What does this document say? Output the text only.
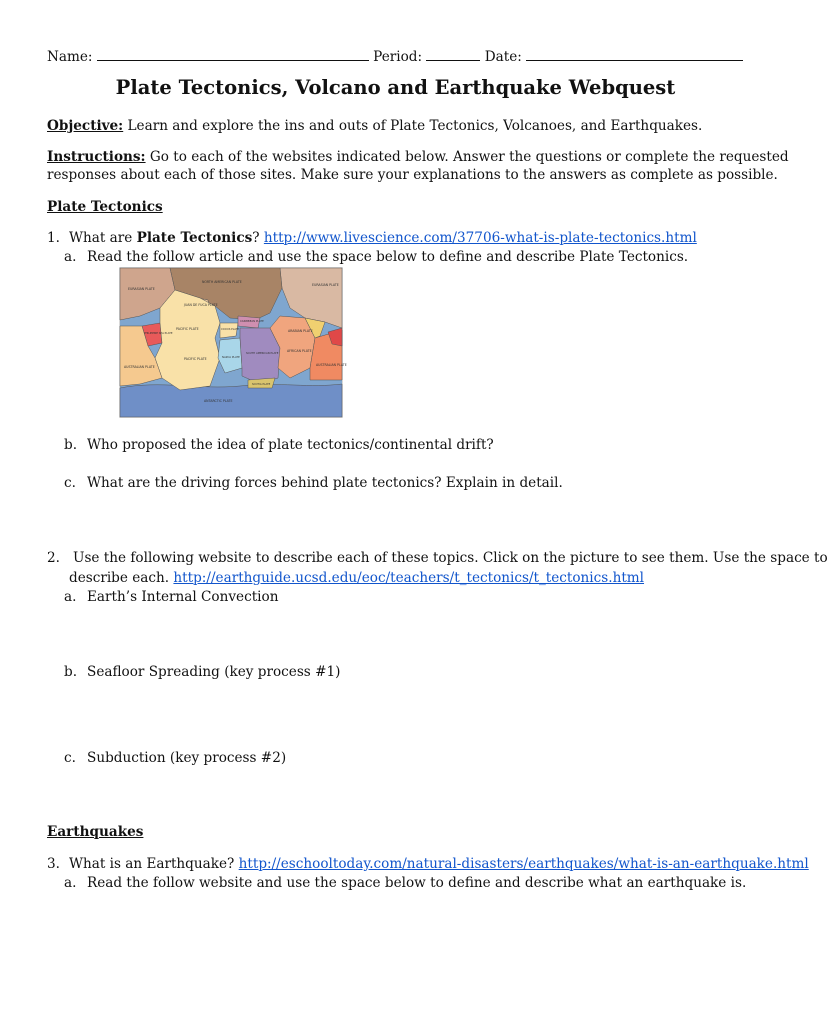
Name:	Period:	Date:
Plate Tectonics, Volcano and Earthquake Webquest
Objective: Learn and explore the ins and outs of Plate Tectonics, Volcanoes, and Earthquakes.
Instructions: Go to each of the websites indicated below. Answer the questions or complete the requested
responses about each of those sites. Make sure your explanations to the answers as complete as possible.
Plate Tectonics
1. What are Plate Tectonics? http://www.livescience.com/37706-what-is-plate-tectonics.html
a. Read the follow article and use the space below to define and describe Plate Tectonics.
EURASIAN PLATE
NORTH AMERICAN PLATE
JUAN DE FUCA PLATE
PHILIPPINE SEA PLATE
PACIFIC PLATE	COCOS PLATE
CARIBBEAN PLATE
ARABIAN PLATE
AFRICAN PLATE
EURASIAN PLATE
AUSTRALIAN PLATE
PACIFIC PLATE	NAZCA PLATE
SOUTH AMERICAN PLATE
AUSTRALIAN PLATE
SCOTIA PLATE
ANTARCTIC PLATE
b. Who proposed the idea of plate tectonics/continental drift?
c. What are the driving forces behind plate tectonics? Explain in detail.
2. Use the following website to describe each of these topics. Click on the picture to see them. Use the space to
describe each. http://earthguide.ucsd.edu/eoc/teachers/t_tectonics/t_tectonics.html
a. Earth’s Internal Convection
b. Seafloor Spreading (key process #1)
c. Subduction (key process #2)
Earthquakes
3. What is an Earthquake? http://eschooltoday.com/natural-disasters/earthquakes/what-is-an-earthquake.html
a. Read the follow website and use the space below to define and describe what an earthquake is.
